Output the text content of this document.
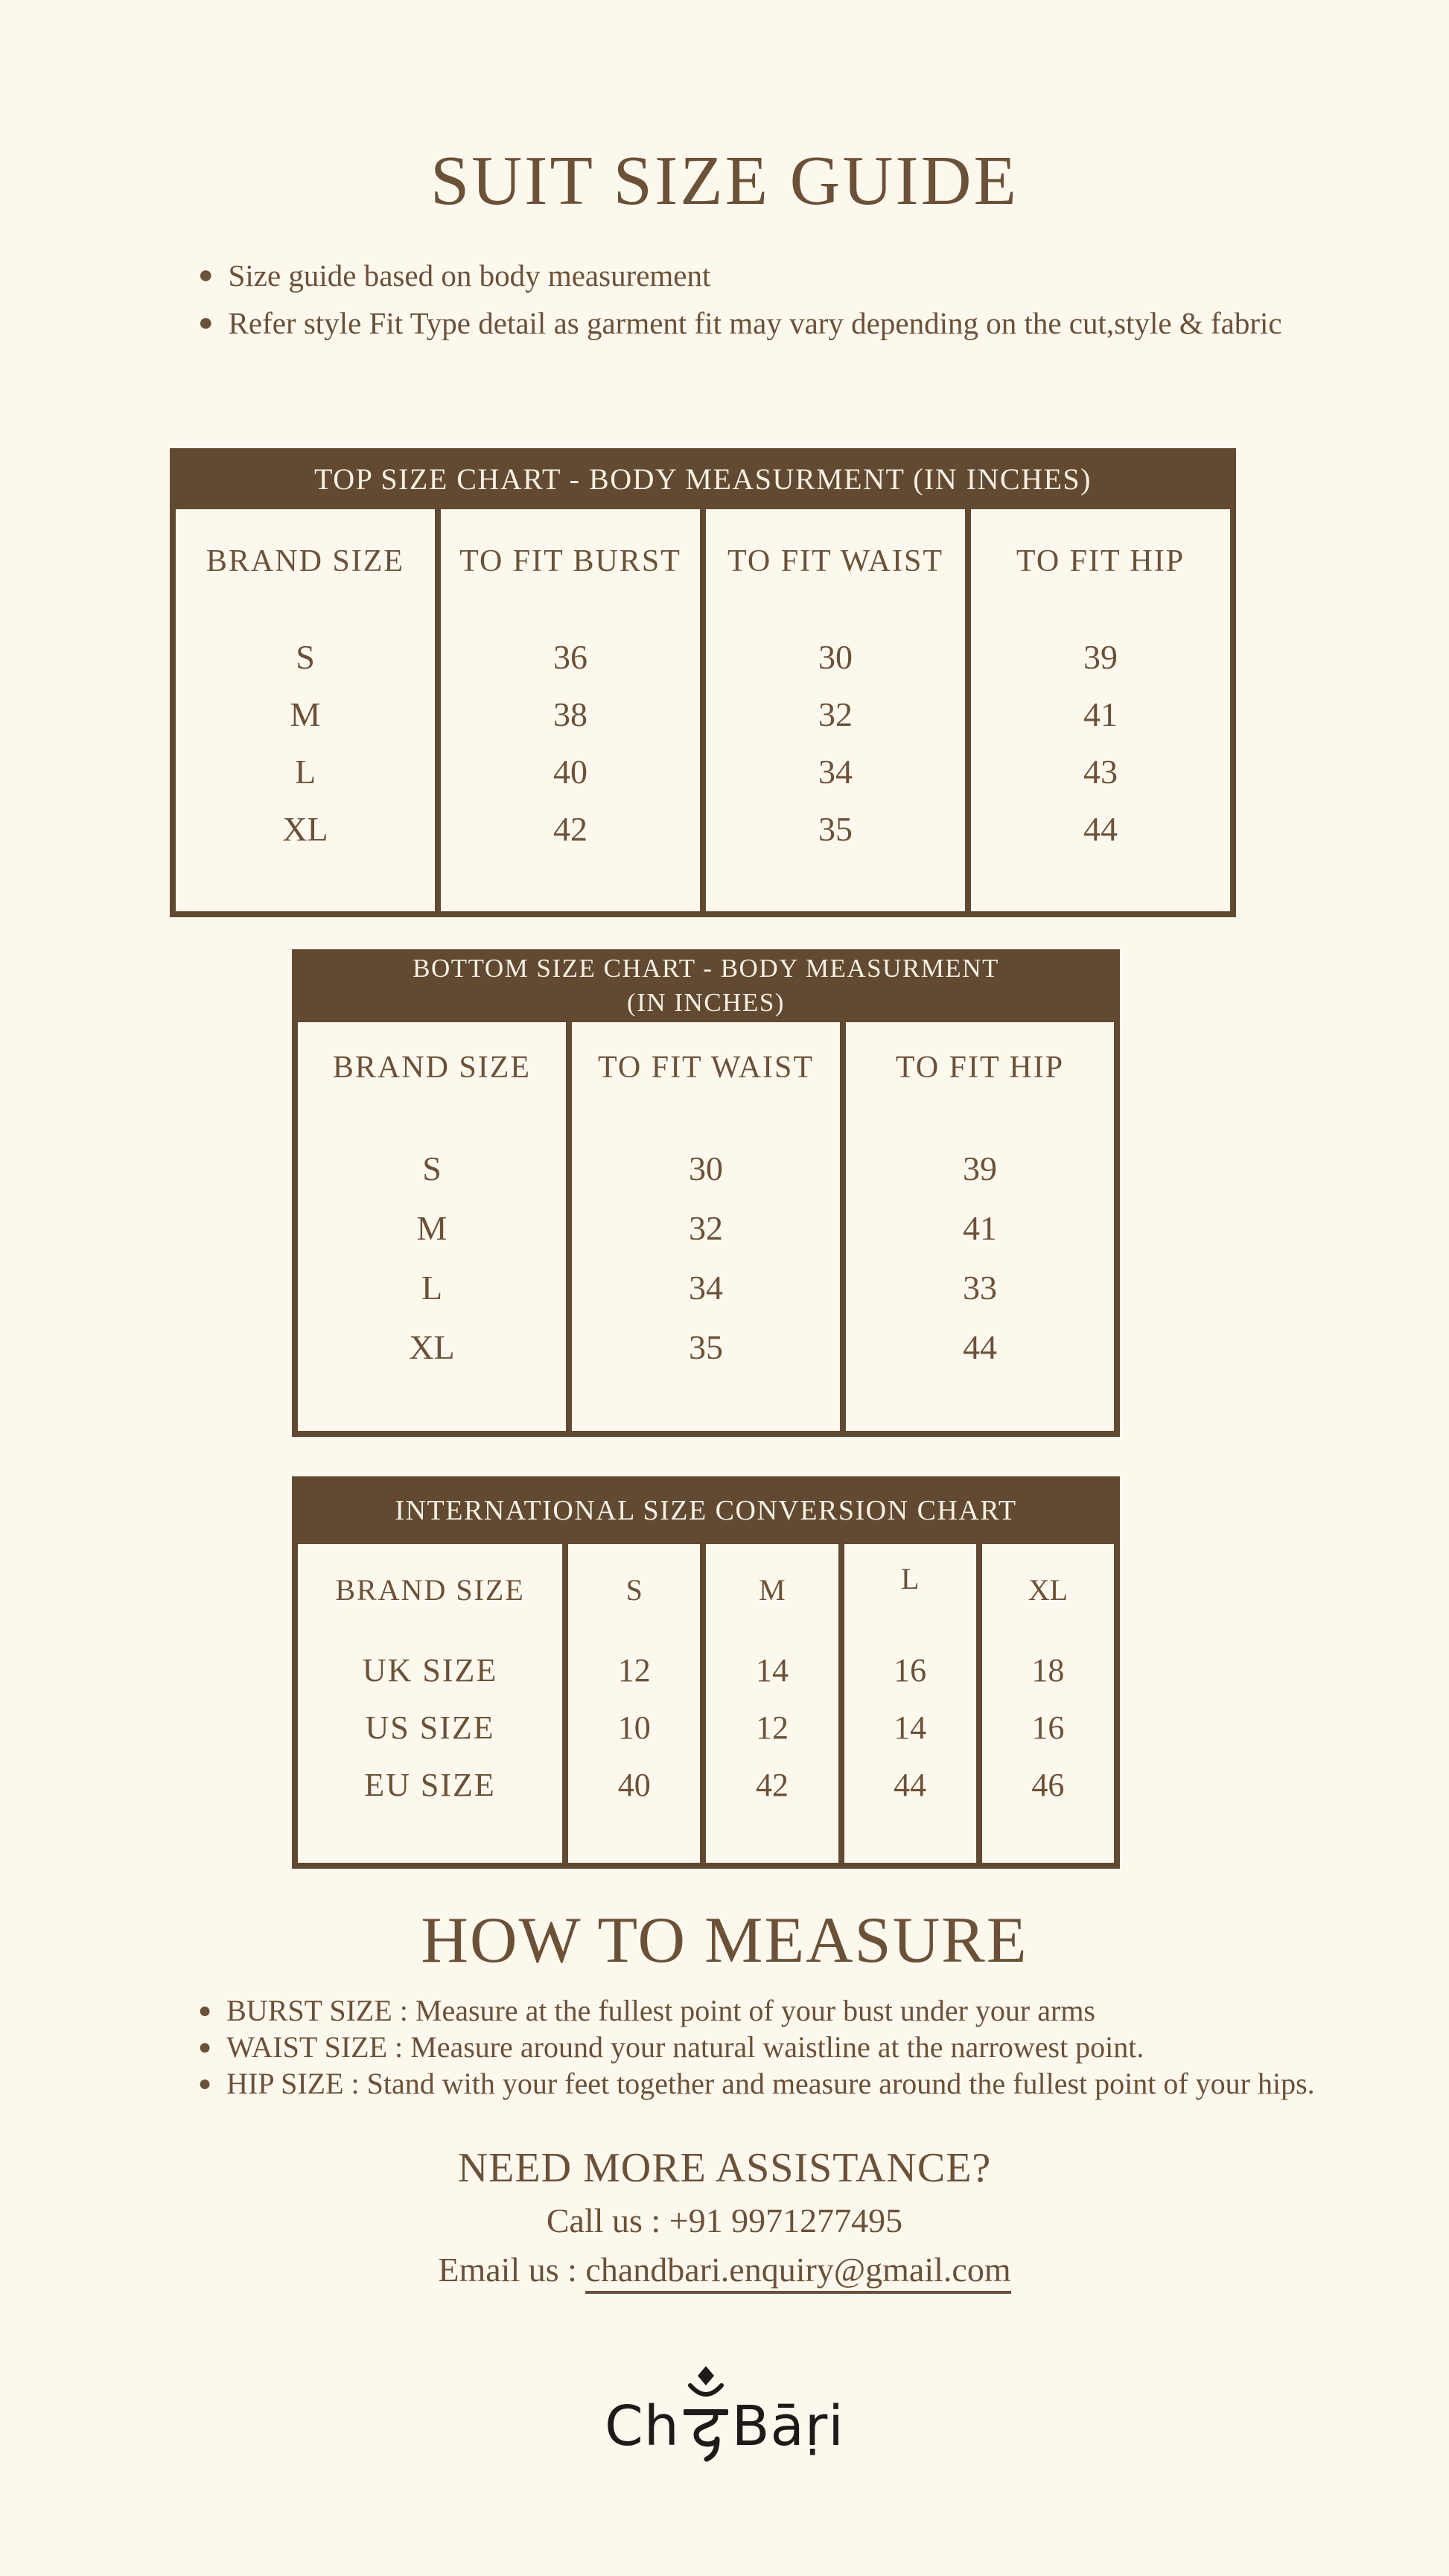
SUIT SIZE GUIDE
● Size guide based on body measurement
● Refer style Fit Type detail as garment fit may vary depending on the cut,style & fabric
TOP SIZE CHART - BODY MEASURMENT (IN INCHES)
BRAND SIZE
S
M
L
XL
TO FIT BURST
36
38
40
42
TO FIT WAIST
30
32
34
35
TO FIT HIP
39
41
43
44
BOTTOM SIZE CHART - BODY MEASURMENT
(IN INCHES)
BRAND SIZE
S
M
L
XL
TO FIT WAIST
30
32
34
35
TO FIT HIP
39
41
33
44
INTERNATIONAL SIZE CONVERSION CHART
BRAND SIZE
UK SIZE
US SIZE
EU SIZE
S
12
10
40
M
14
12
42
L
16
14
44
XL
18
16
46
HOW TO MEASURE
● BURST SIZE : Measure at the fullest point of your bust under your arms
● WAIST SIZE : Measure around your natural waistline at the narrowest point.
● HIP SIZE : Stand with your feet together and measure around the fullest point of your hips.
NEED MORE ASSISTANCE?
Call us : +91 9971277495
Email us : chandbari.enquiry@gmail.com
Ch Bāṛi
